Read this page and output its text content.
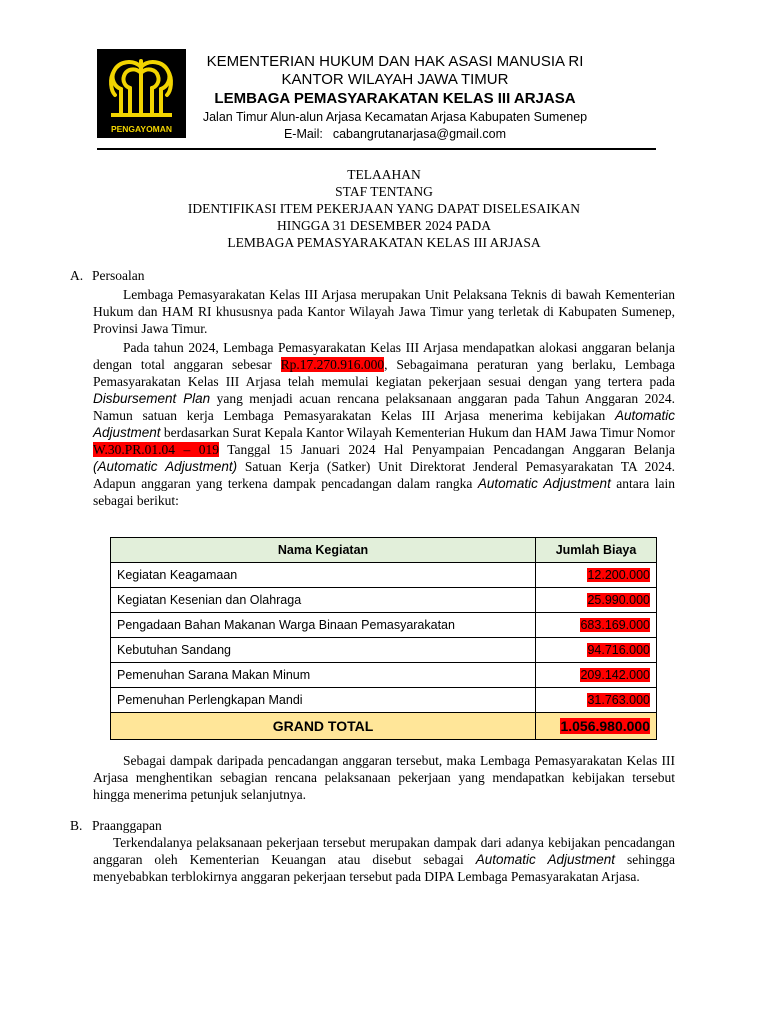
PENGAYOMAN
KEMENTERIAN HUKUM DAN HAK ASASI MANUSIA RI
KANTOR WILAYAH JAWA TIMUR
LEMBAGA PEMASYARAKATAN KELAS III ARJASA
Jalan Timur Alun-alun Arjasa Kecamatan Arjasa Kabupaten Sumenep
E-Mail: cabangrutanarjasa@gmail.com
TELAAHAN
STAF TENTANG
IDENTIFIKASI ITEM PEKERJAAN YANG DAPAT DISELESAIKAN
HINGGA 31 DESEMBER 2024 PADA
LEMBAGA PEMASYARAKATAN KELAS III ARJASA
A. Persoalan
Lembaga Pemasyarakatan Kelas III Arjasa merupakan Unit Pelaksana Teknis di bawah Kementerian Hukum dan HAM RI khususnya pada Kantor Wilayah Jawa Timur yang terletak di Kabupaten Sumenep, Provinsi Jawa Timur.
Pada tahun 2024, Lembaga Pemasyarakatan Kelas III Arjasa mendapatkan alokasi anggaran belanja dengan total anggaran sebesar Rp.17.270.916.000, Sebagaimana peraturan yang berlaku, Lembaga Pemasyarakatan Kelas III Arjasa telah memulai kegiatan pekerjaan sesuai dengan yang tertera pada Disbursement Plan yang menjadi acuan rencana pelaksanaan anggaran pada Tahun Anggaran 2024. Namun satuan kerja Lembaga Pemasyarakatan Kelas III Arjasa menerima kebijakan Automatic Adjustment berdasarkan Surat Kepala Kantor Wilayah Kementerian Hukum dan HAM Jawa Timur Nomor W.30.PR.01.04 – 019 Tanggal 15 Januari 2024 Hal Penyampaian Pencadangan Anggaran Belanja (Automatic Adjustment) Satuan Kerja (Satker) Unit Direktorat Jenderal Pemasyarakatan TA 2024. Adapun anggaran yang terkena dampak pencadangan dalam rangka Automatic Adjustment antara lain sebagai berikut:
Nama Kegiatan	Jumlah Biaya
Kegiatan Keagamaan	12.200.000
Kegiatan Kesenian dan Olahraga	25.990.000
Pengadaan Bahan Makanan Warga Binaan Pemasyarakatan	683.169.000
Kebutuhan Sandang	94.716.000
Pemenuhan Sarana Makan Minum	209.142.000
Pemenuhan Perlengkapan Mandi	31.763.000
GRAND TOTAL	1.056.980.000
Sebagai dampak daripada pencadangan anggaran tersebut, maka Lembaga Pemasyarakatan Kelas III Arjasa menghentikan sebagian rencana pelaksanaan pekerjaan yang mendapatkan kebijakan tersebut hingga menerima petunjuk selanjutnya.
B. Praanggapan
Terkendalanya pelaksanaan pekerjaan tersebut merupakan dampak dari adanya kebijakan pencadangan anggaran oleh Kementerian Keuangan atau disebut sebagai Automatic Adjustment sehingga menyebabkan terblokirnya anggaran pekerjaan tersebut pada DIPA Lembaga Pemasyarakatan Arjasa.
